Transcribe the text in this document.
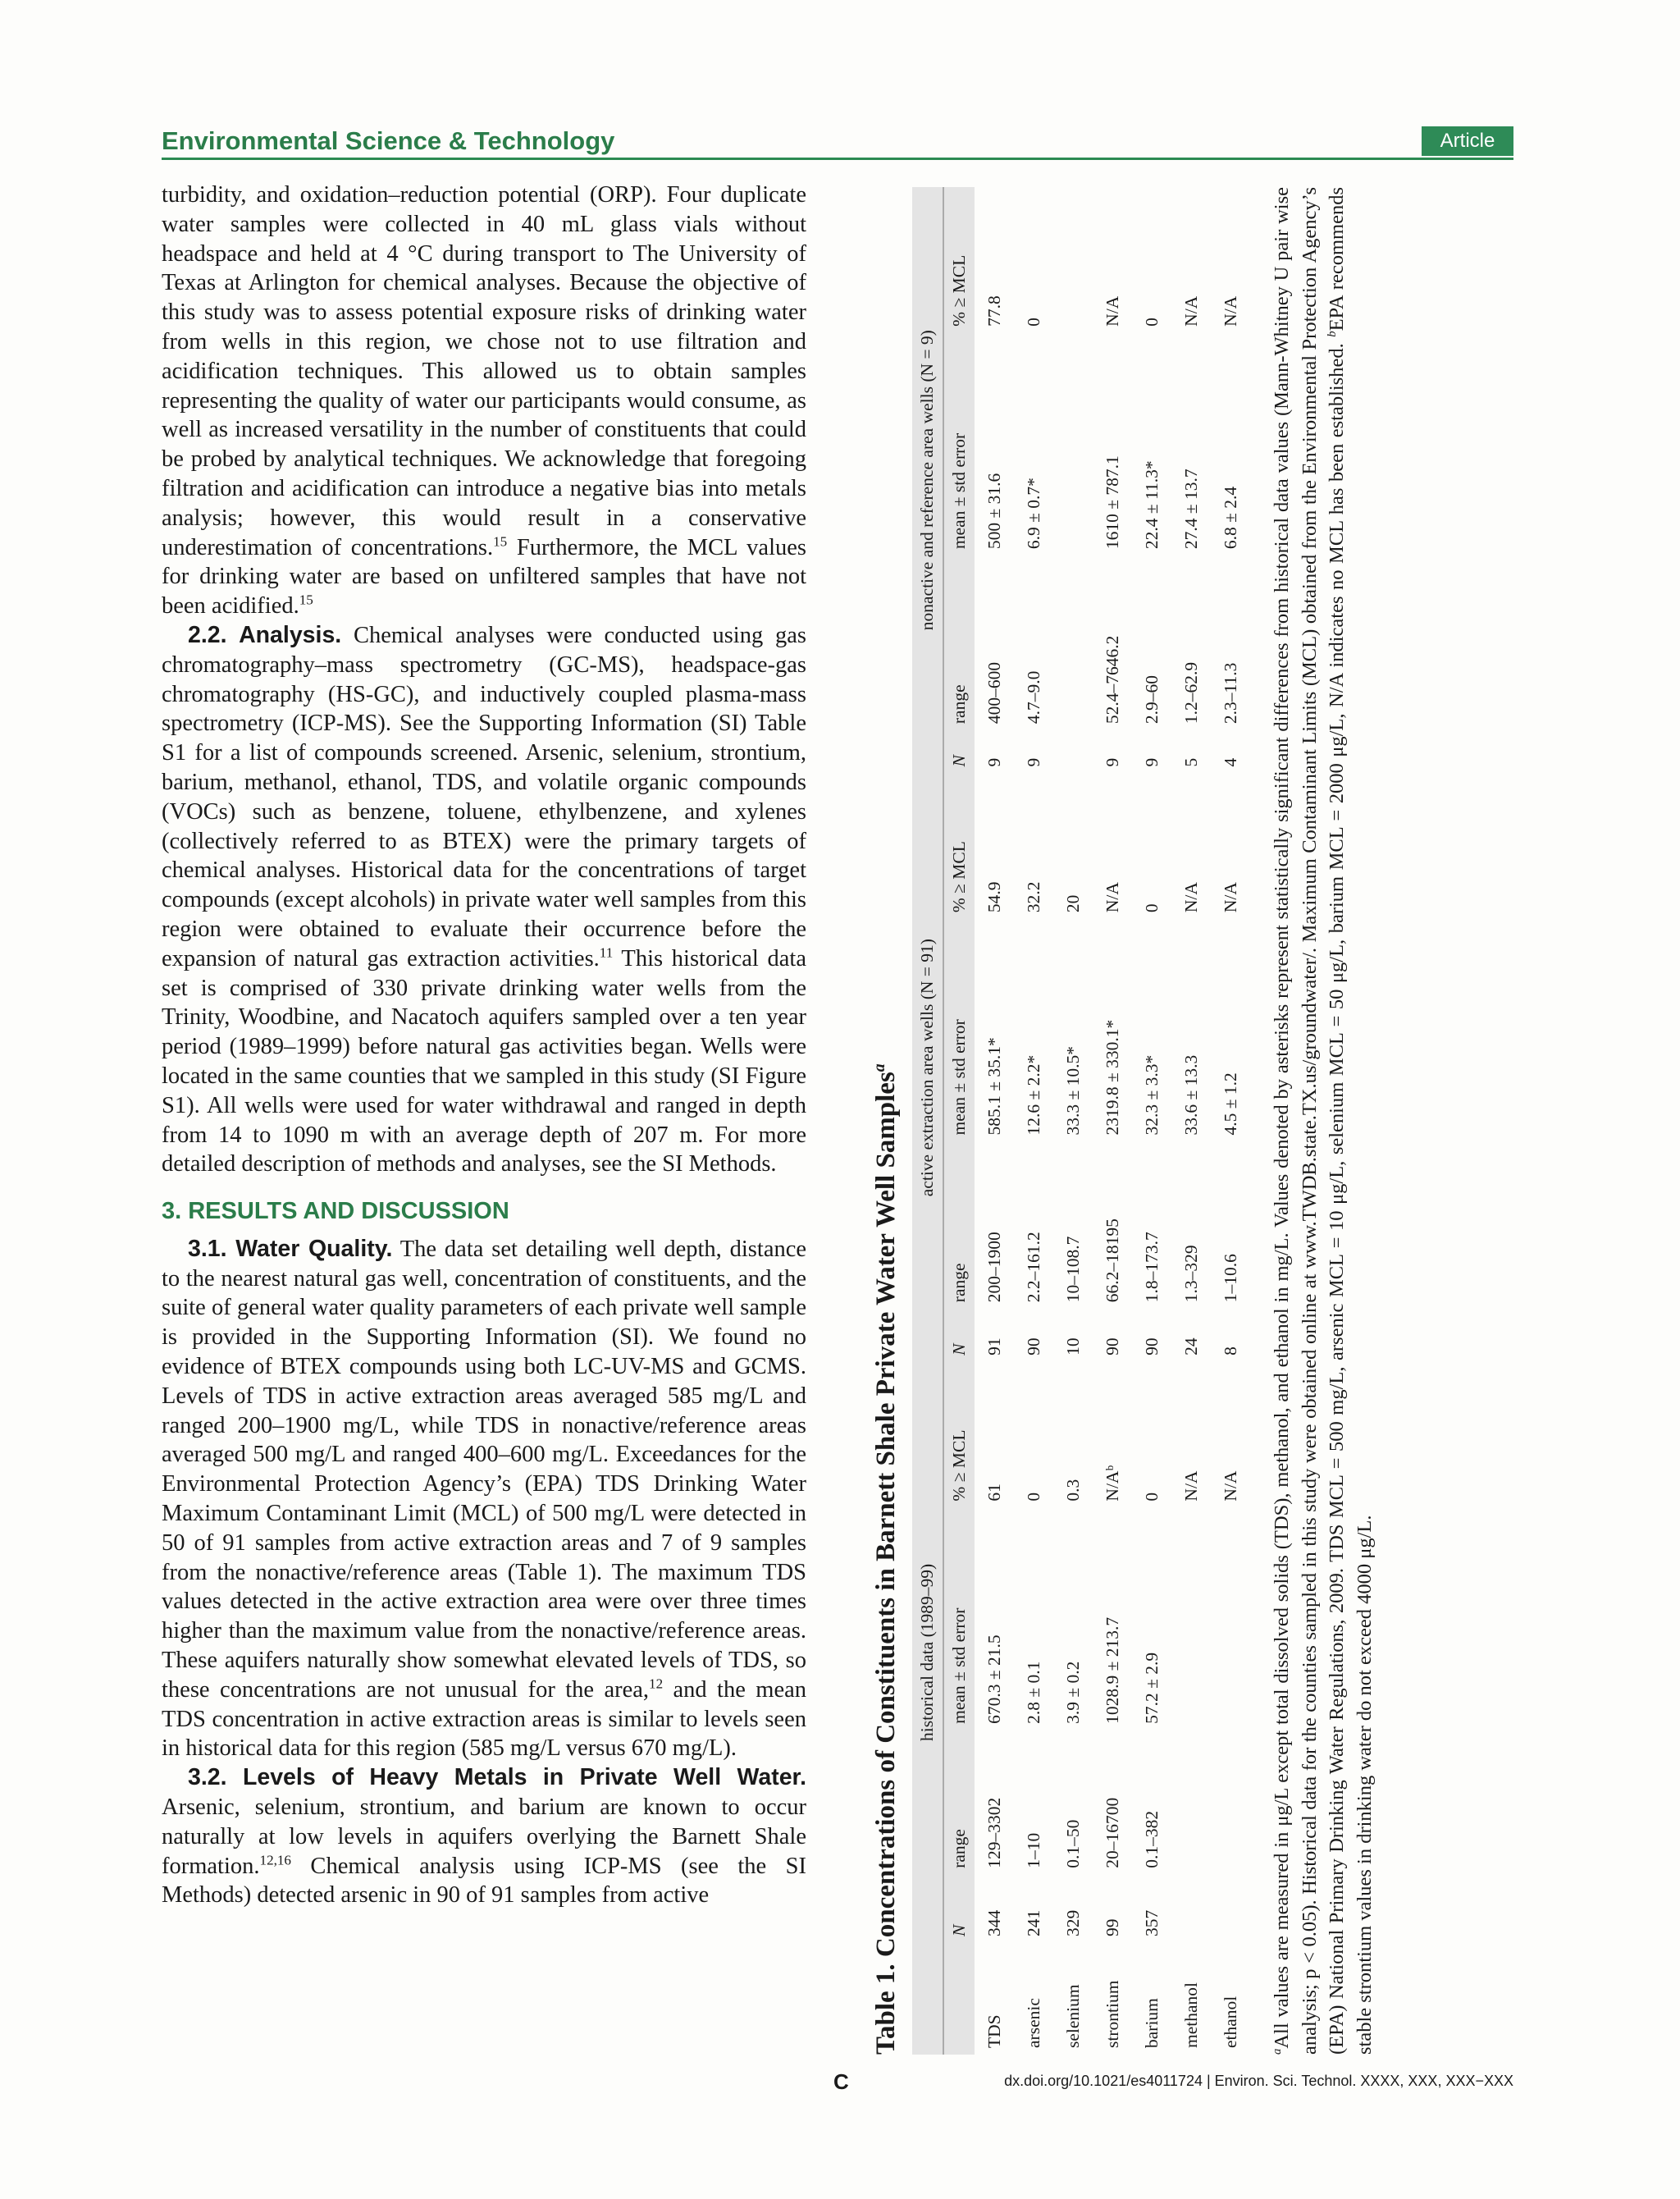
Environmental Science & Technology	Article

turbidity, and oxidation–reduction potential (ORP). Four duplicate water samples were collected in 40 mL glass vials without headspace and held at 4 °C during transport to The University of Texas at Arlington for chemical analyses. Because the objective of this study was to assess potential exposure risks of drinking water from wells in this region, we chose not to use filtration and acidification techniques. This allowed us to obtain samples representing the quality of water our participants would consume, as well as increased versatility in the number of constituents that could be probed by analytical techniques. We acknowledge that foregoing filtration and acidification can introduce a negative bias into metals analysis; however, this would result in a conservative underestimation of concentrations.$^{15}$ Furthermore, the MCL values for drinking water are based on unfiltered samples that have not been acidified.$^{15}$

2.2. Analysis. Chemical analyses were conducted using gas chromatography–mass spectrometry (GC-MS), headspace-gas chromatography (HS-GC), and inductively coupled plasma-mass spectrometry (ICP-MS). See the Supporting Information (SI) Table S1 for a list of compounds screened. Arsenic, selenium, strontium, barium, methanol, ethanol, TDS, and volatile organic compounds (VOCs) such as benzene, toluene, ethylbenzene, and xylenes (collectively referred to as BTEX) were the primary targets of chemical analyses. Historical data for the concentrations of target compounds (except alcohols) in private water well samples from this region were obtained to evaluate their occurrence before the expansion of natural gas extraction activities.$^{11}$ This historical data set is comprised of 330 private drinking water wells from the Trinity, Woodbine, and Nacatoch aquifers sampled over a ten year period (1989–1999) before natural gas activities began. Wells were located in the same counties that we sampled in this study (SI Figure S1). All wells were used for water withdrawal and ranged in depth from 14 to 1090 m with an average depth of 207 m. For more detailed description of methods and analyses, see the SI Methods.

3. RESULTS AND DISCUSSION

3.1. Water Quality. The data set detailing well depth, distance to the nearest natural gas well, concentration of constituents, and the suite of general water quality parameters of each private well sample is provided in the Supporting Information (SI). We found no evidence of BTEX compounds using both LC-UV-MS and GCMS. Levels of TDS in active extraction areas averaged 585 mg/L and ranged 200–1900 mg/L, while TDS in nonactive/reference areas averaged 500 mg/L and ranged 400–600 mg/L. Exceedances for the Environmental Protection Agency’s (EPA) TDS Drinking Water Maximum Contaminant Limit (MCL) of 500 mg/L were detected in 50 of 91 samples from active extraction areas and 7 of 9 samples from the nonactive/reference areas (Table 1). The maximum TDS values detected in the active extraction area were over three times higher than the maximum value from the nonactive/reference areas. These aquifers naturally show somewhat elevated levels of TDS, so these concentrations are not unusual for the area,$^{12}$ and the mean TDS concentration in active extraction areas is similar to levels seen in historical data for this region (585 mg/L versus 670 mg/L).

3.2. Levels of Heavy Metals in Private Well Water. Arsenic, selenium, strontium, and barium are known to occur naturally at low levels in aquifers overlying the Barnett Shale formation.$^{12,16}$ Chemical analysis using ICP-MS (see the SI Methods) detected arsenic in 90 of 91 samples from active	Table 1. Concentrations of Constituents in Barnett Shale Private Water Well Samples$^a$
	historical data (1989–99)				active extraction area wells (N = 91)				nonactive and reference area wells (N = 9)			
	N	range	mean ± std error	% ≥ MCL	N	range	mean ± std error	% ≥ MCL	N	range	mean ± std error	% ≥ MCL
TDS	344	129–3302	670.3 ± 21.5	61	91	200–1900	585.1 ± 35.1*	54.9	9	400–600	500 ± 31.6	77.8
arsenic	241	1–10	2.8 ± 0.1	0	90	2.2–161.2	12.6 ± 2.2*	32.2	9	4.7–9.0	6.9 ± 0.7*	0
selenium	329	0.1–50	3.9 ± 0.2	0.3	10	10–108.7	33.3 ± 10.5*	20				
strontium	99	20–16700	1028.9 ± 213.7	N/Aᵇ	90	66.2–18195	2319.8 ± 330.1*	N/A	9	52.4–7646.2	1610 ± 787.1	N/A
barium	357	0.1–382	57.2 ± 2.9	0	90	1.8–173.7	32.3 ± 3.3*	0	9	2.9–60	22.4 ± 11.3*	0
methanol				N/A	24	1.3–329	33.6 ± 13.3	N/A	5	1.2–62.9	27.4 ± 13.7	N/A
ethanol				N/A	8	1–10.6	4.5 ± 1.2	N/A	4	2.3–11.3	6.8 ± 2.4	N/A
$^a$All values are measured in μg/L except total dissolved solids (TDS), methanol, and ethanol in mg/L. Values denoted by asterisks represent statistically significant differences from historical data values (Mann-Whitney U pair wise analysis; p < 0.05). Historical data for the counties sampled in this study were obtained online at www.TWDB.state.TX.us/groundwater/. Maximum Contaminant Limits (MCL) obtained from the Environmental Protection Agency’s (EPA) National Primary Drinking Water Regulations, 2009. TDS MCL = 500 mg/L, arsenic MCL = 10 μg/L, selenium MCL = 50 μg/L, barium MCL = 2000 μg/L, N/A indicates no MCL has been established. $^b$EPA recommends stable strontium values in drinking water do not exceed 4000 μg/L.
C	dx.doi.org/10.1021/es4011724 | Environ. Sci. Technol. XXXX, XXX, XXX−XXX
